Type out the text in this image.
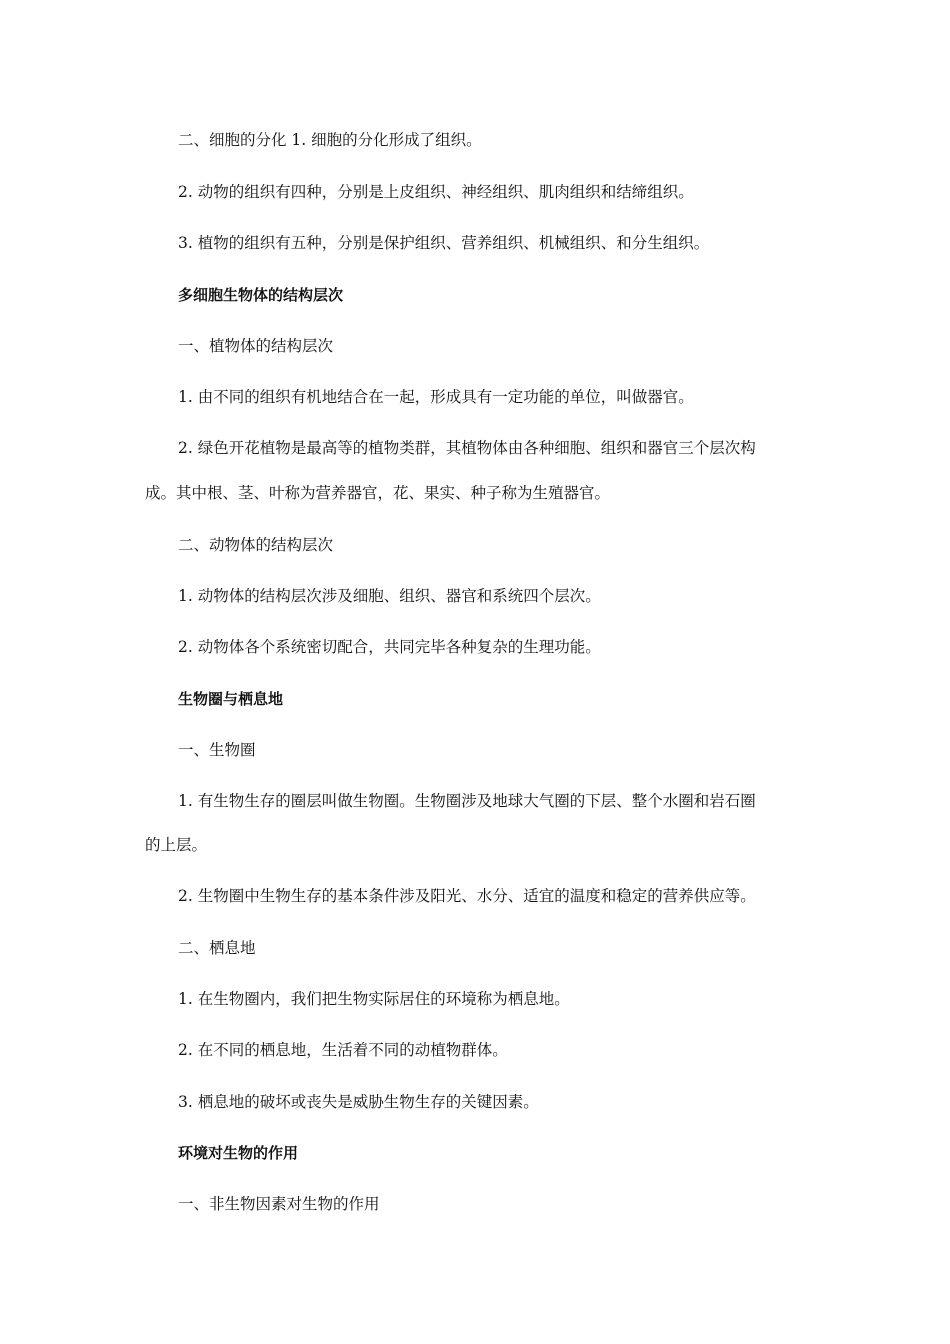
二、细胞的分化 1. 细胞的分化形成了组织。
2. 动物的组织有四种，分别是上皮组织、神经组织、肌肉组织和结缔组织。
3. 植物的组织有五种，分别是保护组织、营养组织、机械组织、和分生组织。
多细胞生物体的结构层次
一、植物体的结构层次
1. 由不同的组织有机地结合在一起，形成具有一定功能的单位，叫做器官。
2. 绿色开花植物是最高等的植物类群，其植物体由各种细胞、组织和器官三个层次构
成。其中根、茎、叶称为营养器官，花、果实、种子称为生殖器官。
二、动物体的结构层次
1. 动物体的结构层次涉及细胞、组织、器官和系统四个层次。
2. 动物体各个系统密切配合，共同完毕各种复杂的生理功能。
生物圈与栖息地
一、生物圈
1. 有生物生存的圈层叫做生物圈。生物圈涉及地球大气圈的下层、整个水圈和岩石圈
的上层。
2. 生物圈中生物生存的基本条件涉及阳光、水分、适宜的温度和稳定的营养供应等。
二、栖息地
1. 在生物圈内，我们把生物实际居住的环境称为栖息地。
2. 在不同的栖息地，生活着不同的动植物群体。
3. 栖息地的破坏或丧失是威胁生物生存的关键因素。
环境对生物的作用
一、非生物因素对生物的作用
